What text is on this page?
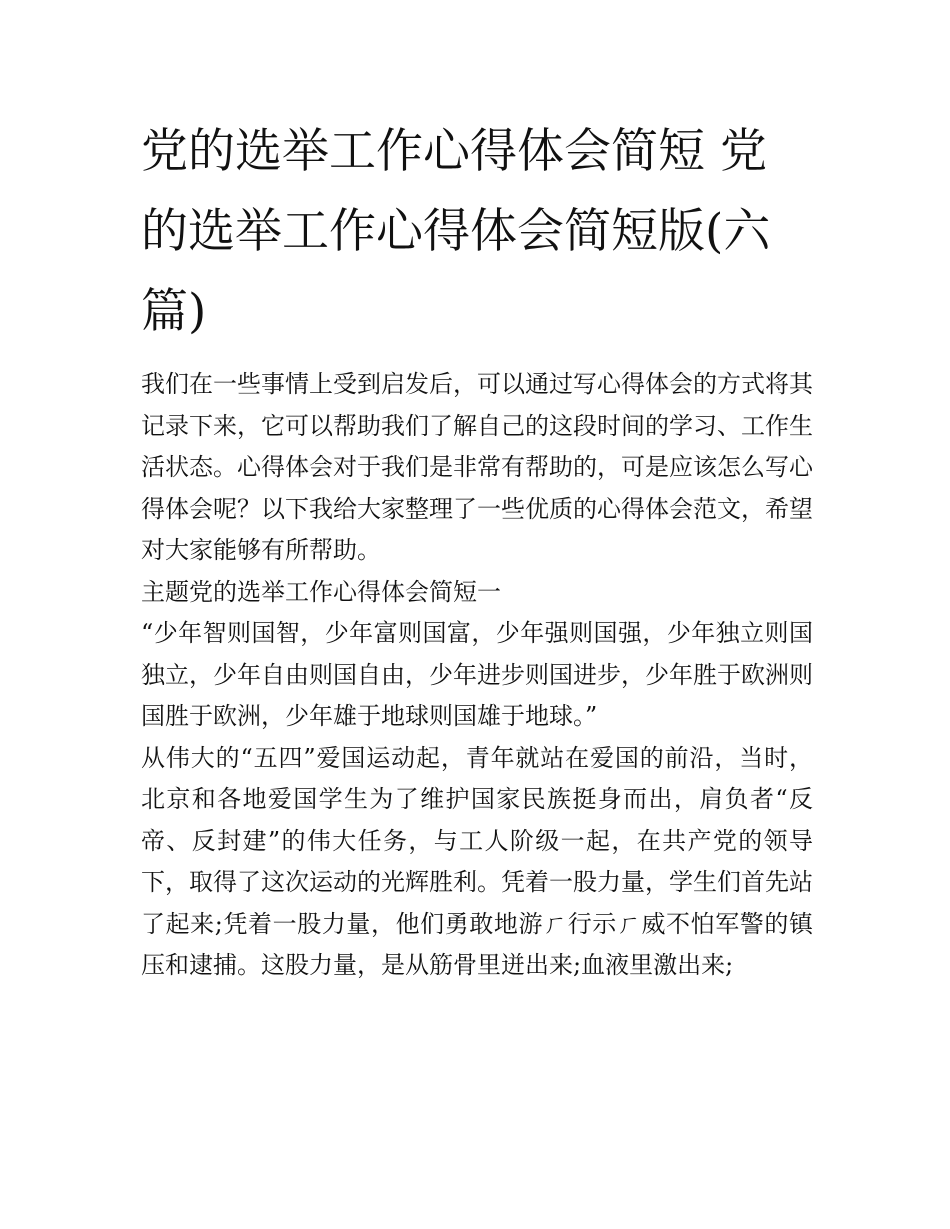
党的选举工作心得体会简短 党的选举工作心得体会简短版(六篇)

我们在一些事情上受到启发后，可以通过写心得体会的方式将其记录下来，它可以帮助我们了解自己的这段时间的学习、工作生活状态。心得体会对于我们是非常有帮助的，可是应该怎么写心得体会呢？以下我给大家整理了一些优质的心得体会范文，希望对大家能够有所帮助。

主题党的选举工作心得体会简短一

“少年智则国智，少年富则国富，少年强则国强，少年独立则国独立，少年自由则国自由，少年进步则国进步，少年胜于欧洲则国胜于欧洲，少年雄于地球则国雄于地球。”

从伟大的“五四”爱国运动起，青年就站在爱国的前沿，当时，北京和各地爱国学生为了维护国家民族挺身而出，肩负者“反帝、反封建”的伟大任务，与工人阶级一起，在共产党的领导下，取得了这次运动的光辉胜利。凭着一股力量，学生们首先站了起来;凭着一股力量，他们勇敢地游ㄏ行示ㄏ威不怕军警的镇压和逮捕。这股力量，是从筋骨里迸出来;血液里激出来;
